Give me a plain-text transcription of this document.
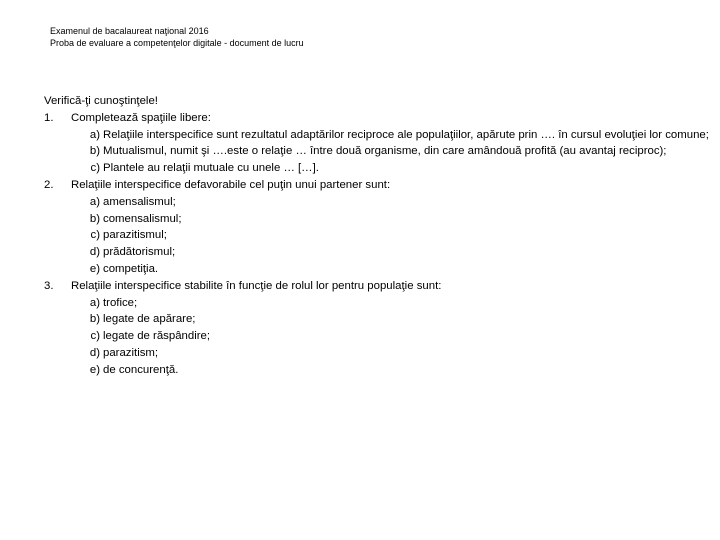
Examenul de bacalaureat naţional 2016
Proba de evaluare a competenţelor digitale - document de lucru
Verifică-ţi cunoştinţele!
1. Completează spaţiile libere:
a) Relaţiile interspecifice sunt rezultatul adaptărilor reciproce ale populaţiilor, apărute prin …. în cursul evoluţiei lor comune;
b) Mutualismul, numit şi ….este o relaţie … între două organisme, din care amândouă profită (au avantaj reciproc);
c) Plantele au relaţii mutuale cu unele … […].
2. Relaţiile interspecifice defavorabile cel puţin unui partener sunt:
a) amensalismul;
b) comensalismul;
c) parazitismul;
d) prădătorismul;
e) competiţia.
3. Relaţiile interspecifice stabilite în funcţie de rolul lor pentru populaţie sunt:
a) trofice;
b) legate de apărare;
c) legate de răspândire;
d) parazitism;
e) de concurenţă.
